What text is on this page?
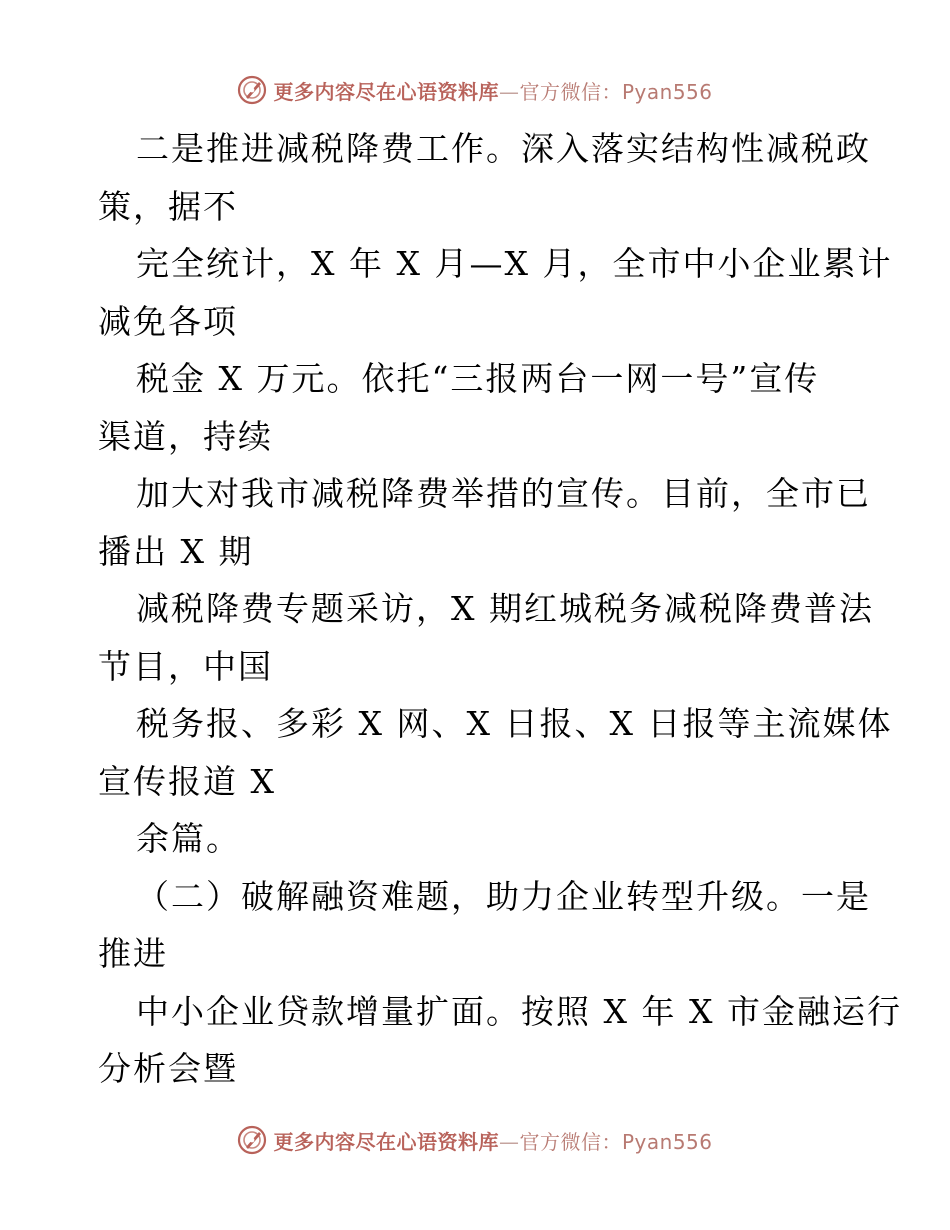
更多内容尽在心语资料库—官方微信：Pyan556
二是推进减税降费工作。深入落实结构性减税政
策，据不
完全统计，X 年 X 月—X 月，全市中小企业累计
减免各项
税金 X 万元。依托“三报两台一网一号”宣传
渠道，持续
加大对我市减税降费举措的宣传。目前，全市已
播出 X 期
减税降费专题采访，X 期红城税务减税降费普法
节目，中国
税务报、多彩 X 网、X 日报、X 日报等主流媒体
宣传报道 X
余篇。
（二）破解融资难题，助力企业转型升级。一是
推进
中小企业贷款增量扩面。按照 X 年 X 市金融运行
分析会暨
更多内容尽在心语资料库—官方微信：Pyan556
